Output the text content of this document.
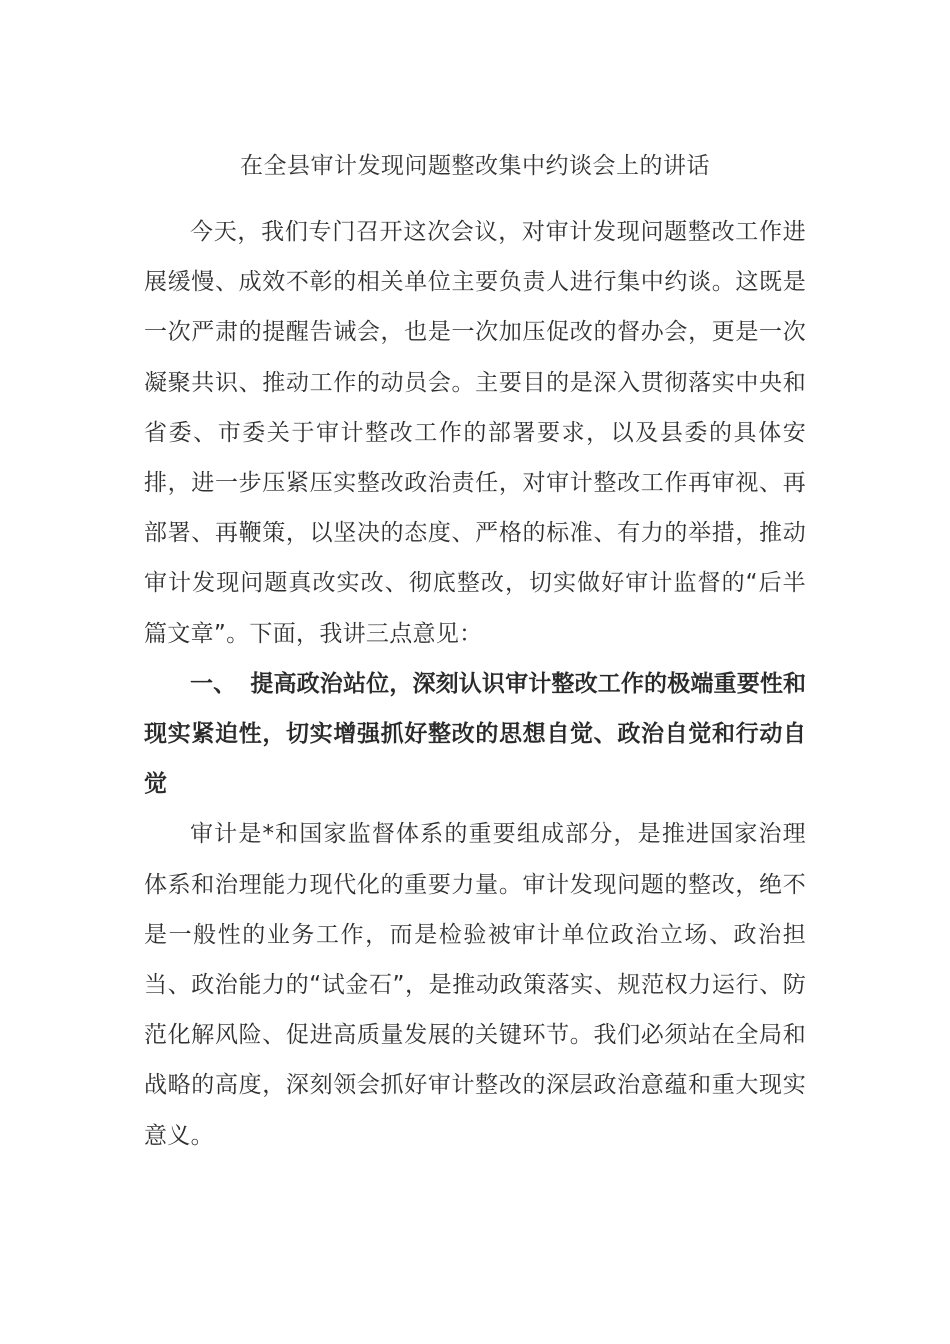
在全县审计发现问题整改集中约谈会上的讲话

今天，我们专门召开这次会议，对审计发现问题整改工作进展缓慢、成效不彰的相关单位主要负责人进行集中约谈。这既是一次严肃的提醒告诫会，也是一次加压促改的督办会，更是一次凝聚共识、推动工作的动员会。主要目的是深入贯彻落实中央和省委、市委关于审计整改工作的部署要求，以及县委的具体安排，进一步压紧压实整改政治责任，对审计整改工作再审视、再部署、再鞭策，以坚决的态度、严格的标准、有力的举措，推动审计发现问题真改实改、彻底整改，切实做好审计监督的“后半篇文章”。下面，我讲三点意见：

一、 提高政治站位，深刻认识审计整改工作的极端重要性和现实紧迫性，切实增强抓好整改的思想自觉、政治自觉和行动自觉

审计是*和国家监督体系的重要组成部分，是推进国家治理体系和治理能力现代化的重要力量。审计发现问题的整改，绝不是一般性的业务工作，而是检验被审计单位政治立场、政治担当、政治能力的“试金石”，是推动政策落实、规范权力运行、防范化解风险、促进高质量发展的关键环节。我们必须站在全局和战略的高度，深刻领会抓好审计整改的深层政治意蕴和重大现实意义。
